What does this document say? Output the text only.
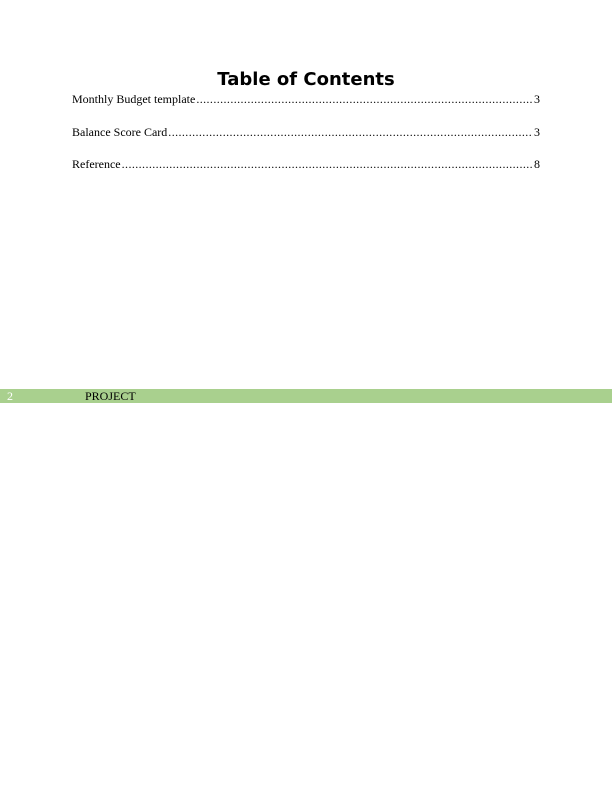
Table of Contents
Monthly Budget template .....	3
Balance Score Card .....	3
Reference .....	8
2	PROJECT
